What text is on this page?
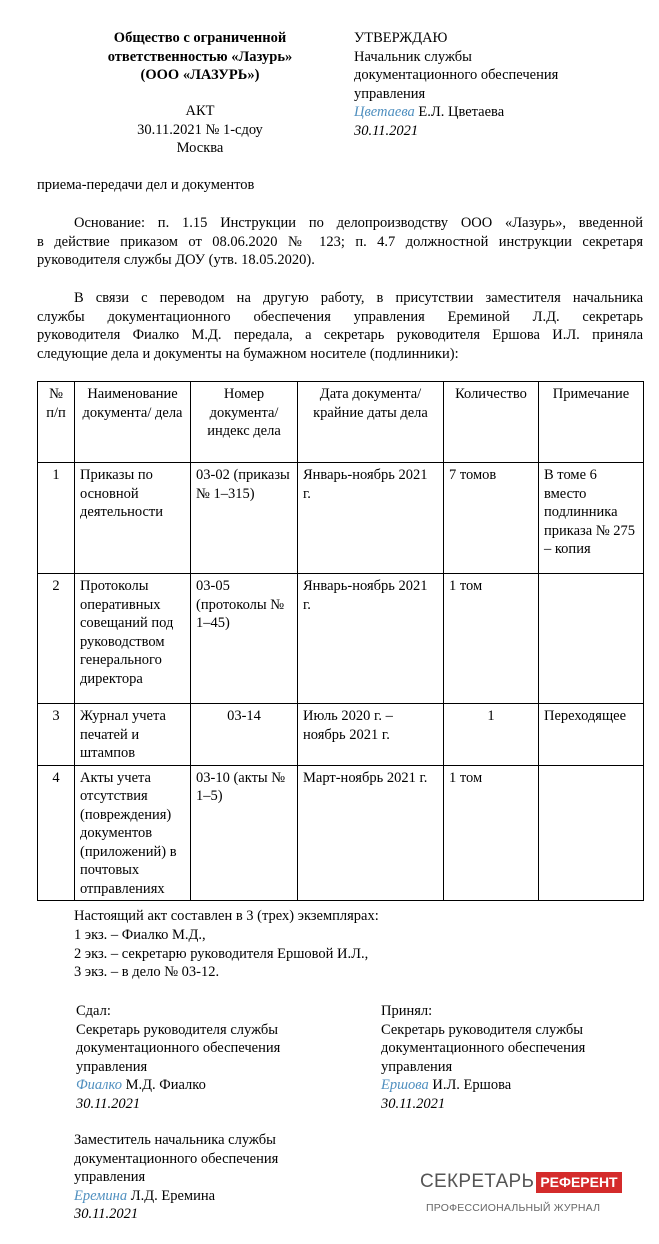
Общество с ограниченной
ответственностью «Лазурь»
(ООО «ЛАЗУРЬ»)
АКТ
30.11.2021 № 1-сдоу
Москва
УТВЕРЖДАЮ
Начальник службы
документационного обеспечения
управления
Цветаева Е.Л. Цветаева
30.11.2021
приема-передачи дел и документов
Основание: п. 1.15 Инструкции по делопроизводству ООО «Лазурь», введенной
в действие приказом от 08.06.2020 № 123; п. 4.7 должностной инструкции секретаря
руководителя службы ДОУ (утв. 18.05.2020).
В связи с переводом на другую работу, в присутствии заместителя начальника
службы документационного обеспечения управления Ереминой Л.Д. секретарь
руководителя Фиалко М.Д. передала, а секретарь руководителя Ершова И.Л. приняла
следующие дела и документы на бумажном носителе (подлинники):
№ п/п	Наименование документа/ дела	Номер документа/ индекс дела	Дата документа/крайние даты дела	Количество	Примечание
1	Приказы по основной деятельности	03-02 (приказы № 1–315)	Январь-ноябрь 2021 г.	7 томов	В томе 6 вместо подлинника приказа № 275 – копия
2	Протоколы оперативных совещаний под руководством генерального директора	03-05 (протоколы № 1–45)	Январь-ноябрь 2021 г.	1 том	
3	Журнал учета печатей и штампов	03-14	Июль 2020 г. – ноябрь 2021 г.	1	Переходящее
4	Акты учета отсутствия (повреждения) документов (приложений) в почтовых отправлениях	03-10 (акты № 1–5)	Март-ноябрь 2021 г.	1 том	
Настоящий акт составлен в 3 (трех) экземплярах:
1 экз. – Фиалко М.Д.,
2 экз. – секретарю руководителя Ершовой И.Л.,
3 экз. – в дело № 03-12.
Сдал:
Секретарь руководителя службы
документационного обеспечения
управления
Фиалко М.Д. Фиалко
30.11.2021
Принял:
Секретарь руководителя службы
документационного обеспечения
управления
Ершова И.Л. Ершова
30.11.2021
Заместитель начальника службы
документационного обеспечения
управления
Еремина Л.Д. Еремина
30.11.2021
СЕКРЕТАРЬ РЕФЕРЕНТ
ПРОФЕССИОНАЛЬНЫЙ ЖУРНАЛ
